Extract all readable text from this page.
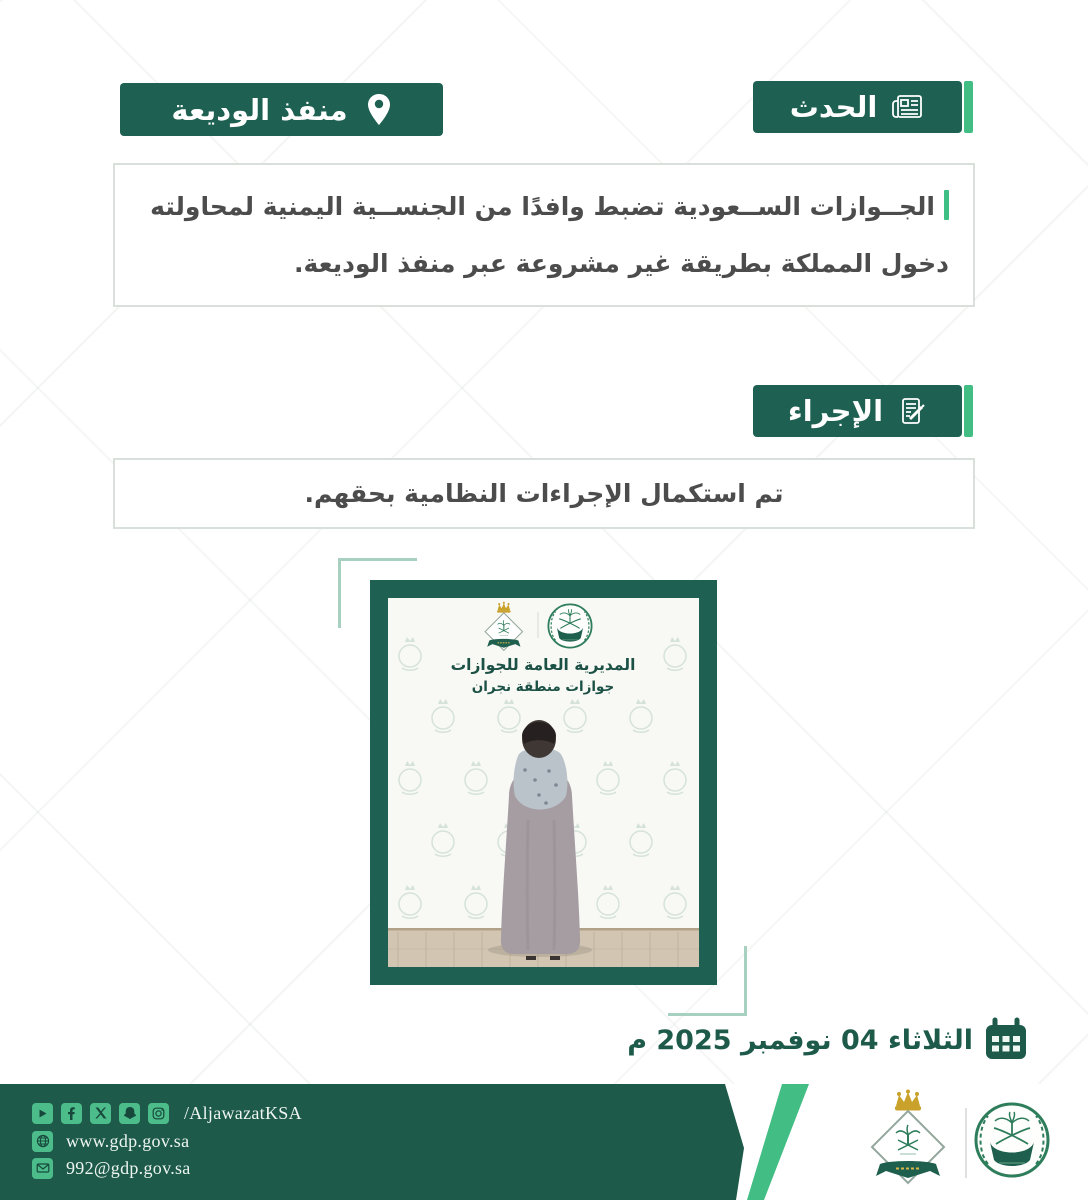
الحدث
منفذ الوديعة
الجــوازات الســعودية تضبط وافدًا من الجنســية اليمنية لمحاولته دخول المملكة بطريقة غير مشروعة عبر منفذ الوديعة.
الإجراء
تم استكمال الإجراءات النظامية بحقهم.
المديرية العامة للجوازات
جوازات منطقة نجران
الثلاثاء 04 نوفمبر 2025 م
/AljawazatKSA
www.gdp.gov.sa
992@gdp.gov.sa
